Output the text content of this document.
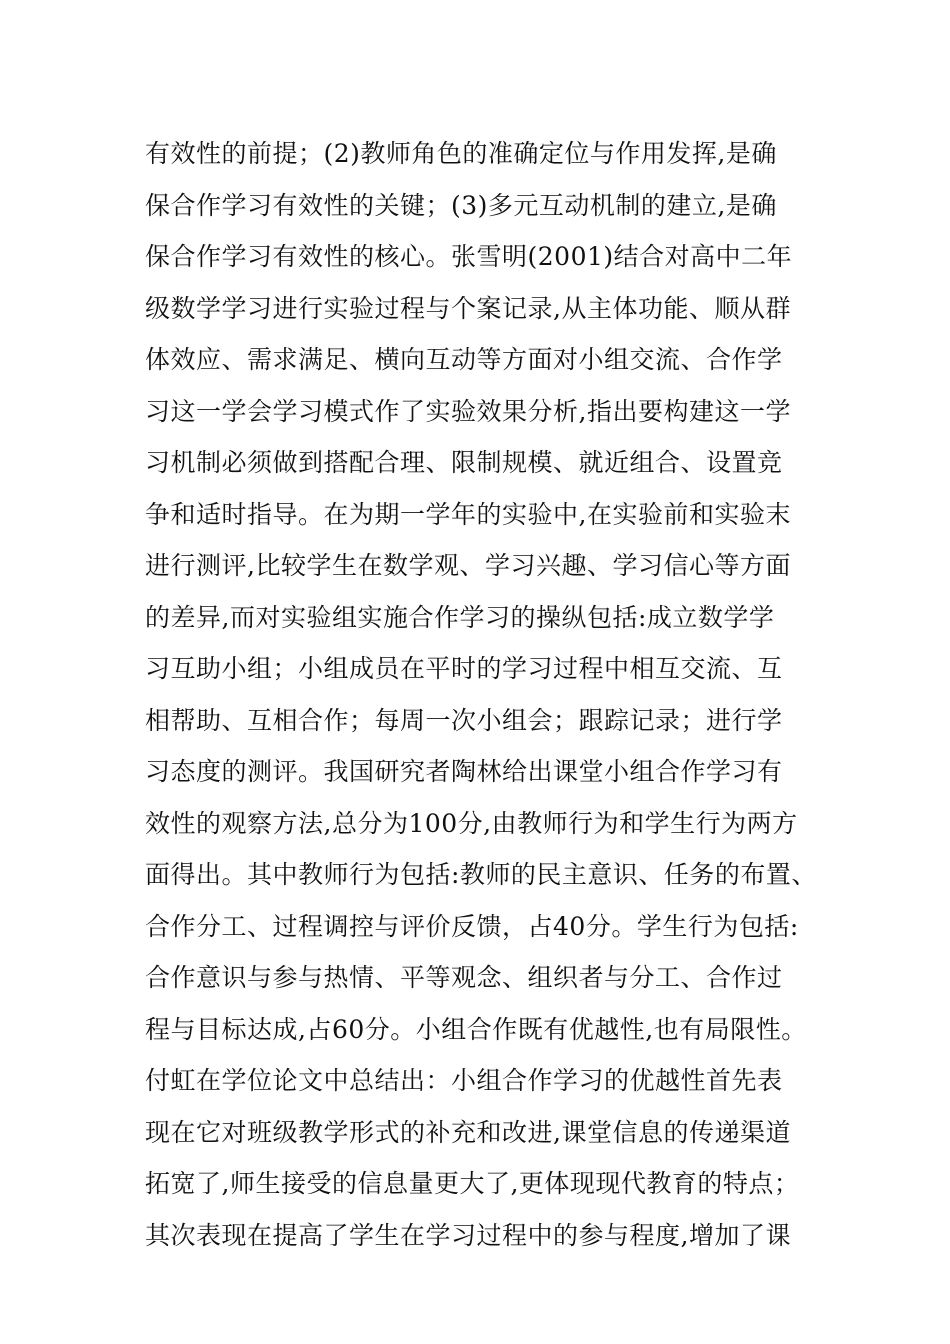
有效性的前提；(2)教师角色的准确定位与作用发挥,是确
保合作学习有效性的关键；(3)多元互动机制的建立,是确
保合作学习有效性的核心。张雪明(2001)结合对高中二年
级数学学习进行实验过程与个案记录,从主体功能、顺从群
体效应、需求满足、横向互动等方面对小组交流、合作学
习这一学会学习模式作了实验效果分析,指出要构建这一学
习机制必须做到搭配合理、限制规模、就近组合、设置竞
争和适时指导。在为期一学年的实验中,在实验前和实验末
进行测评,比较学生在数学观、学习兴趣、学习信心等方面
的差异,而对实验组实施合作学习的操纵包括:成立数学学
习互助小组；小组成员在平时的学习过程中相互交流、互
相帮助、互相合作；每周一次小组会；跟踪记录；进行学
习态度的测评。我国研究者陶林给出课堂小组合作学习有
效性的观察方法,总分为100分,由教师行为和学生行为两方
面得出。其中教师行为包括:教师的民主意识、任务的布置、
合作分工、过程调控与评价反馈，占40分。学生行为包括:
合作意识与参与热情、平等观念、组织者与分工、合作过
程与目标达成,占60分。小组合作既有优越性,也有局限性。
付虹在学位论文中总结出：小组合作学习的优越性首先表
现在它对班级教学形式的补充和改进,课堂信息的传递渠道
拓宽了,师生接受的信息量更大了,更体现现代教育的特点；
其次表现在提高了学生在学习过程中的参与程度,增加了课
